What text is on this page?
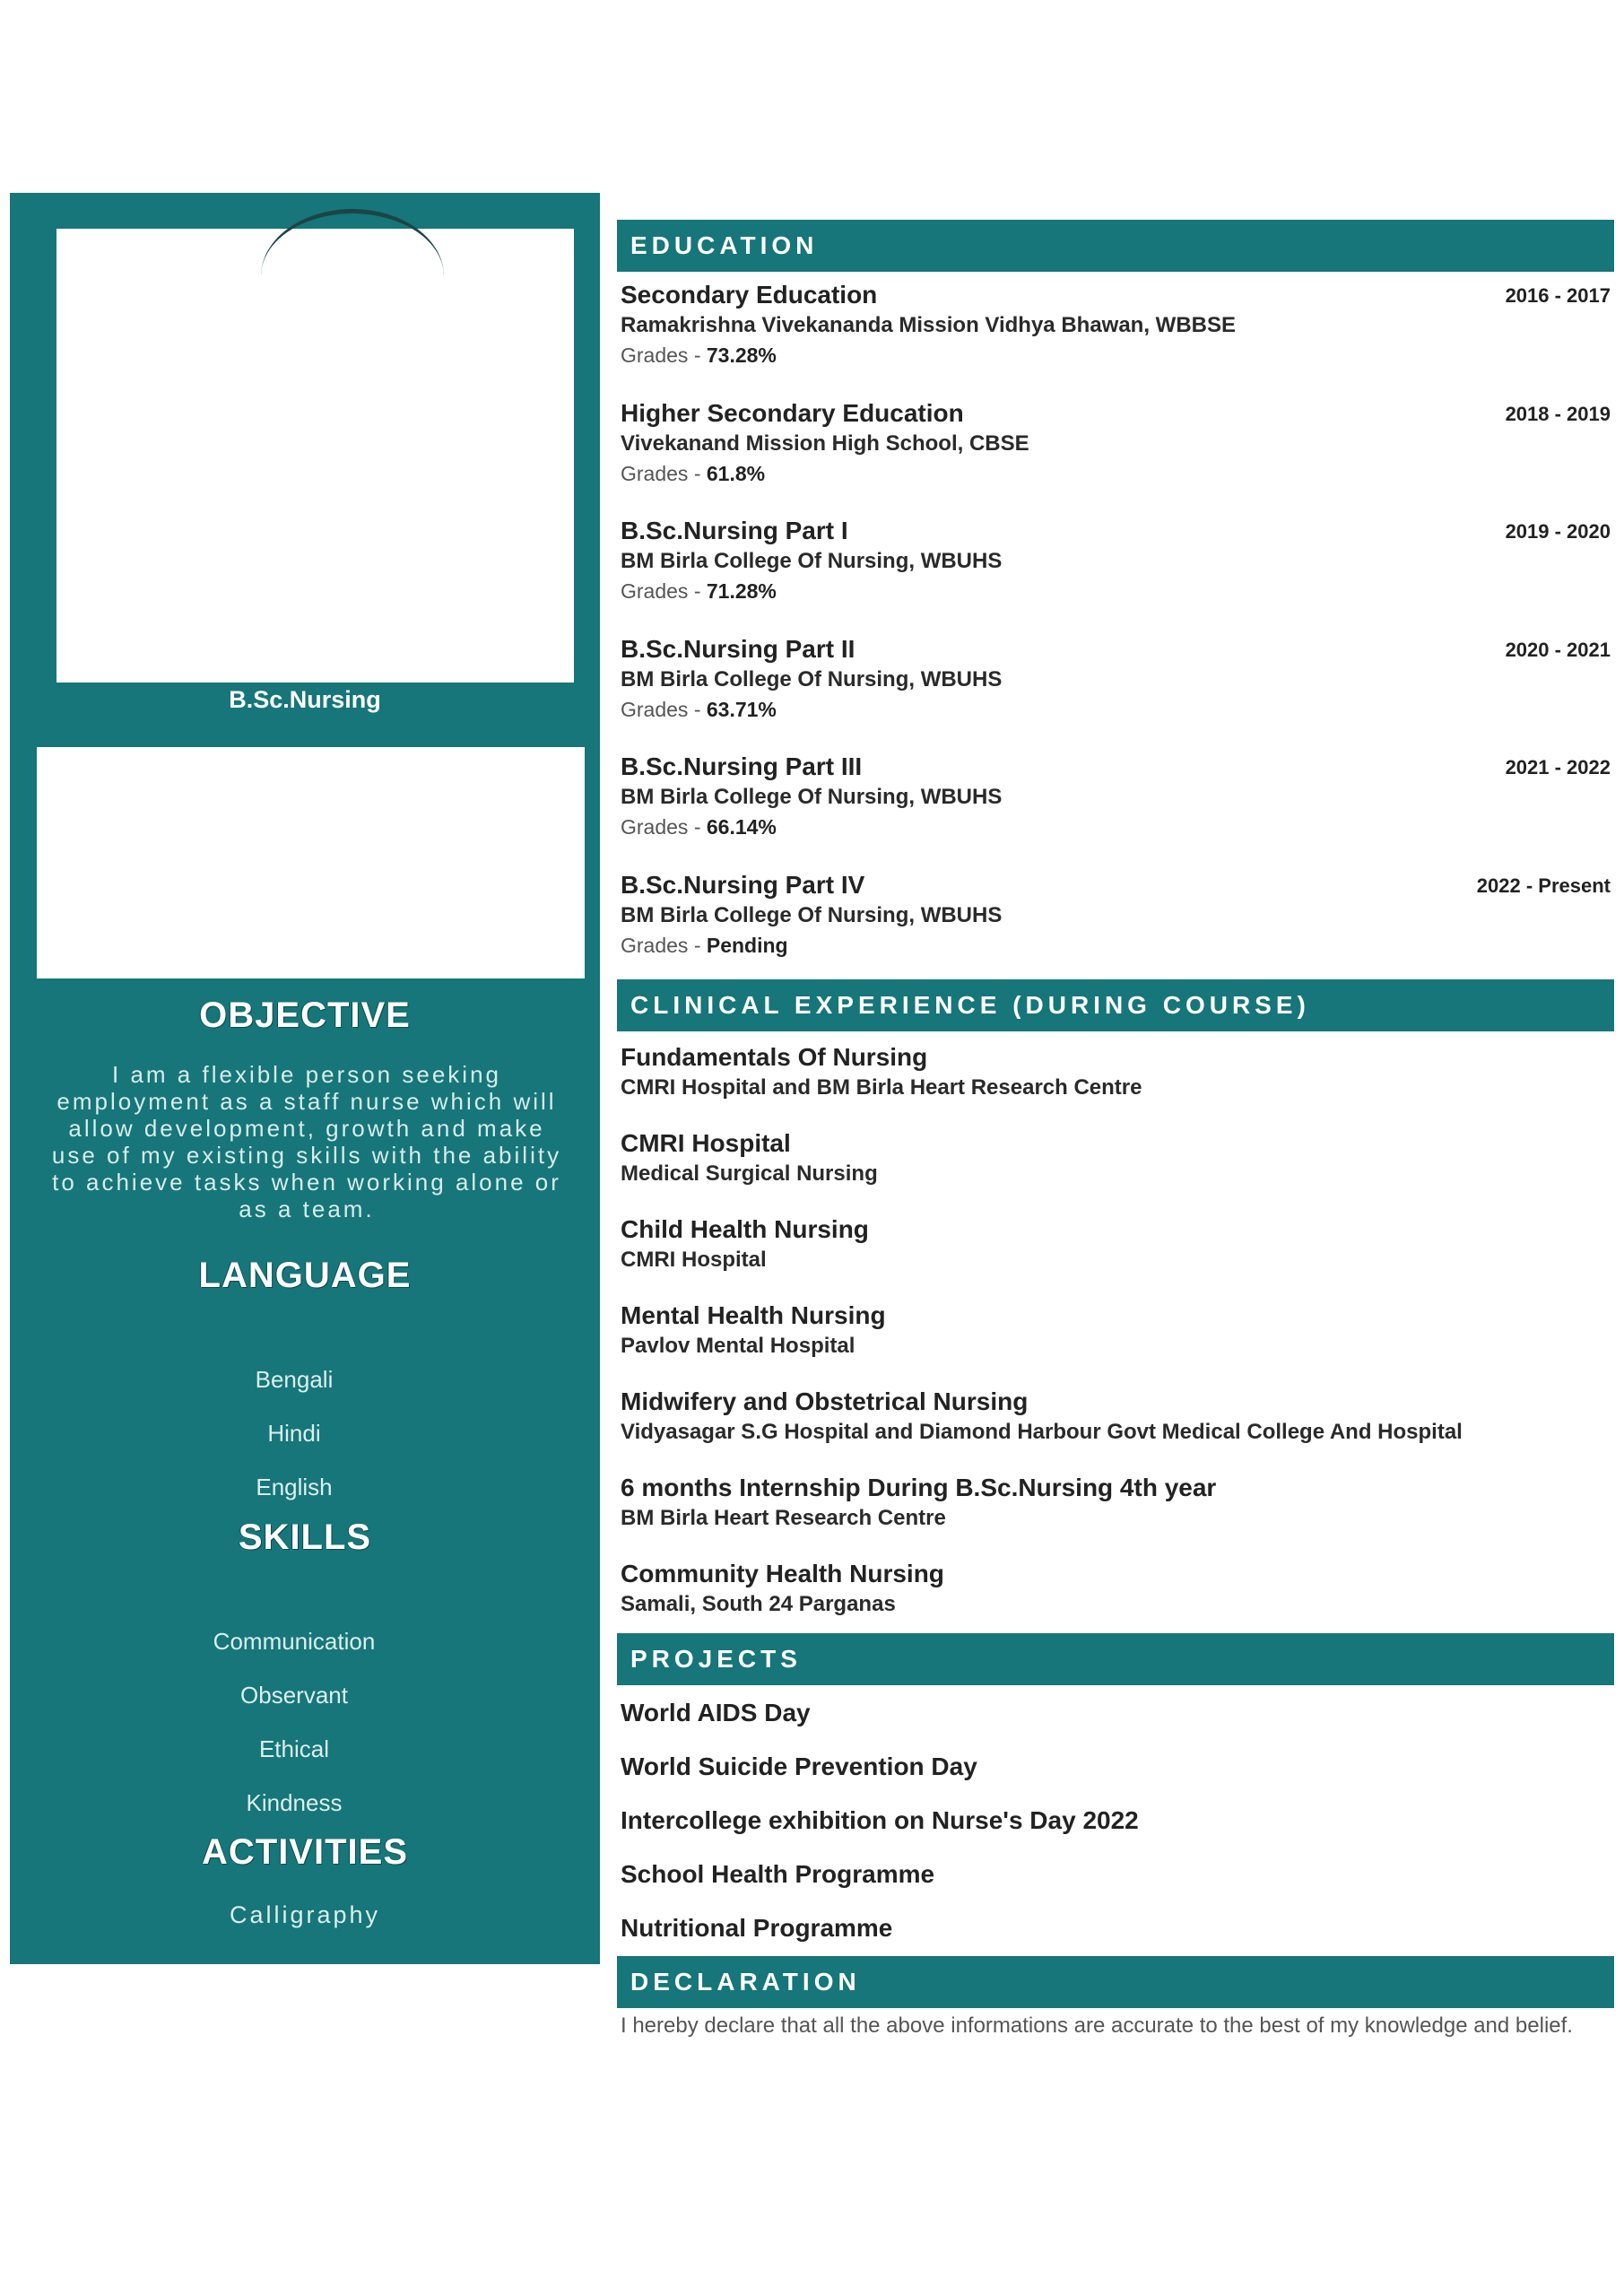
B.Sc.Nursing
OBJECTIVE
I am a flexible person seeking employment as a staff nurse which will allow development, growth and make use of my existing skills with the ability to achieve tasks when working alone or as a team.
LANGUAGE
Bengali
Hindi
English
SKILLS
Communication
Observant
Ethical
Kindness
ACTIVITIES
Calligraphy
EDUCATION
Secondary Education	2016 - 2017
Ramakrishna Vivekananda Mission Vidhya Bhawan, WBBSE
Grades - 73.28%
Higher Secondary Education	2018 - 2019
Vivekanand Mission High School, CBSE
Grades - 61.8%
B.Sc.Nursing Part I	2019 - 2020
BM Birla College Of Nursing, WBUHS
Grades - 71.28%
B.Sc.Nursing Part II	2020 - 2021
BM Birla College Of Nursing, WBUHS
Grades - 63.71%
B.Sc.Nursing Part III	2021 - 2022
BM Birla College Of Nursing, WBUHS
Grades - 66.14%
B.Sc.Nursing Part IV	2022 - Present
BM Birla College Of Nursing, WBUHS
Grades - Pending
CLINICAL EXPERIENCE (DURING COURSE)
Fundamentals Of Nursing
CMRI Hospital and BM Birla Heart Research Centre
CMRI Hospital
Medical Surgical Nursing
Child Health Nursing
CMRI Hospital
Mental Health Nursing
Pavlov Mental Hospital
Midwifery and Obstetrical Nursing
Vidyasagar S.G Hospital and Diamond Harbour Govt Medical College And Hospital
6 months Internship During B.Sc.Nursing 4th year
BM Birla Heart Research Centre
Community Health Nursing
Samali, South 24 Parganas
PROJECTS
World AIDS Day
World Suicide Prevention Day
Intercollege exhibition on Nurse's Day 2022
School Health Programme
Nutritional Programme
DECLARATION
I hereby declare that all the above informations are accurate to the best of my knowledge and belief.
